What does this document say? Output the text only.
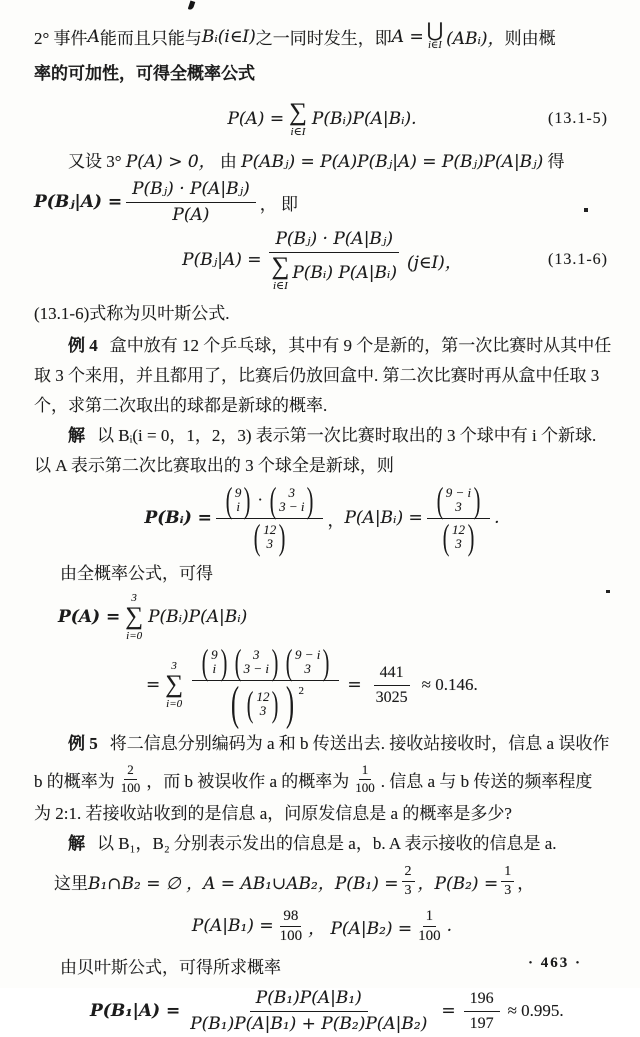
2° 事件 A 能而且只能与 Bᵢ(i∈I) 之一同时发生，即 A = ⋃
i∈I (ABᵢ)， 则由概
率的可加性，可得全概率公式
P(A) = ∑
i∈I
P(Bᵢ)P(A|Bᵢ).	(13.1-5)
又设 3° P(A) > 0， 由 P(ABⱼ) = P(A)P(Bⱼ|A) = P(Bⱼ)P(A|Bⱼ) 得
P(Bⱼ|A) = $\frac{\text{P(Bⱼ) · P(A|Bⱼ)}}{P(A)}$ ， 即
P(Bⱼ|A) = P(Bⱼ) · P(A|Bⱼ)
∑
i∈I
P(Bᵢ) P(A|Bᵢ) (j∈I)，	(13.1-6)
(13.1-6)式称为贝叶斯公式.
例 4 盒中放有 12 个乒乓球，其中有 9 个是新的，第一次比赛时从其中任
取 3 个来用，并且都用了，比赛后仍放回盒中. 第二次比赛时再从盒中任取 3
个，求第二次取出的球都是新球的概率.
解 以 Bᵢ(i = 0，1，2，3) 表示第一次比赛时取出的 3 个球中有 i 个新球.
以 A 表示第二次比赛取出的 3 个球全是新球，则
P(Bᵢ) = ( 9
i ) · ( 3
3 − i )
( 12
3 ) ， P(A|Bᵢ) = ( 9 − i
3 )
( 12
3 ) .
由全概率公式，可得
P(A) =
3
∑
i=0
P(Bᵢ)P(A|Bᵢ)
=
3
∑
i=0
( 9
i ) ( 3
3 − i ) ( 9 − i
3 )
( ( 12
3 ) ) 2	= $\frac{441}{3025} \approx 0.146$.
例 5 将二信息分别编码为 a 和 b 传送出去. 接收站接收时，信息 a 误收作
b 的概率为 $\frac{2}{100}$ ，而 b 被误收作 a 的概率为 $\frac{1}{100}$ . 信息 a 与 b 传送的频率程度
为 2:1. 若接收站收到的是信息 a，问原发信息是 a 的概率是多少?
解 以 B₁，B₂ 分别表示发出的信息是 a，b. A 表示接收的信息是 a.
这里 B₁∩B₂ = ∅ ，A = AB₁∪AB₂，$P(B_1) = \frac{2}{3}$ ，$P(B_2) = \frac{1}{3}$ ，
$P(A|B_1) = \frac{98}{100}$ ， $P(A|B_2) = \frac{1}{100}$ .
由贝叶斯公式，可得所求概率
$P(B_1|A) = \frac{\text{P(B₁)P(A|B₁)}}{\text{P(B₁)P(A|B₁) + P(B₂)P(A|B₂)}} = \frac{196}{197} \approx 0.995$.
· 463 ·
